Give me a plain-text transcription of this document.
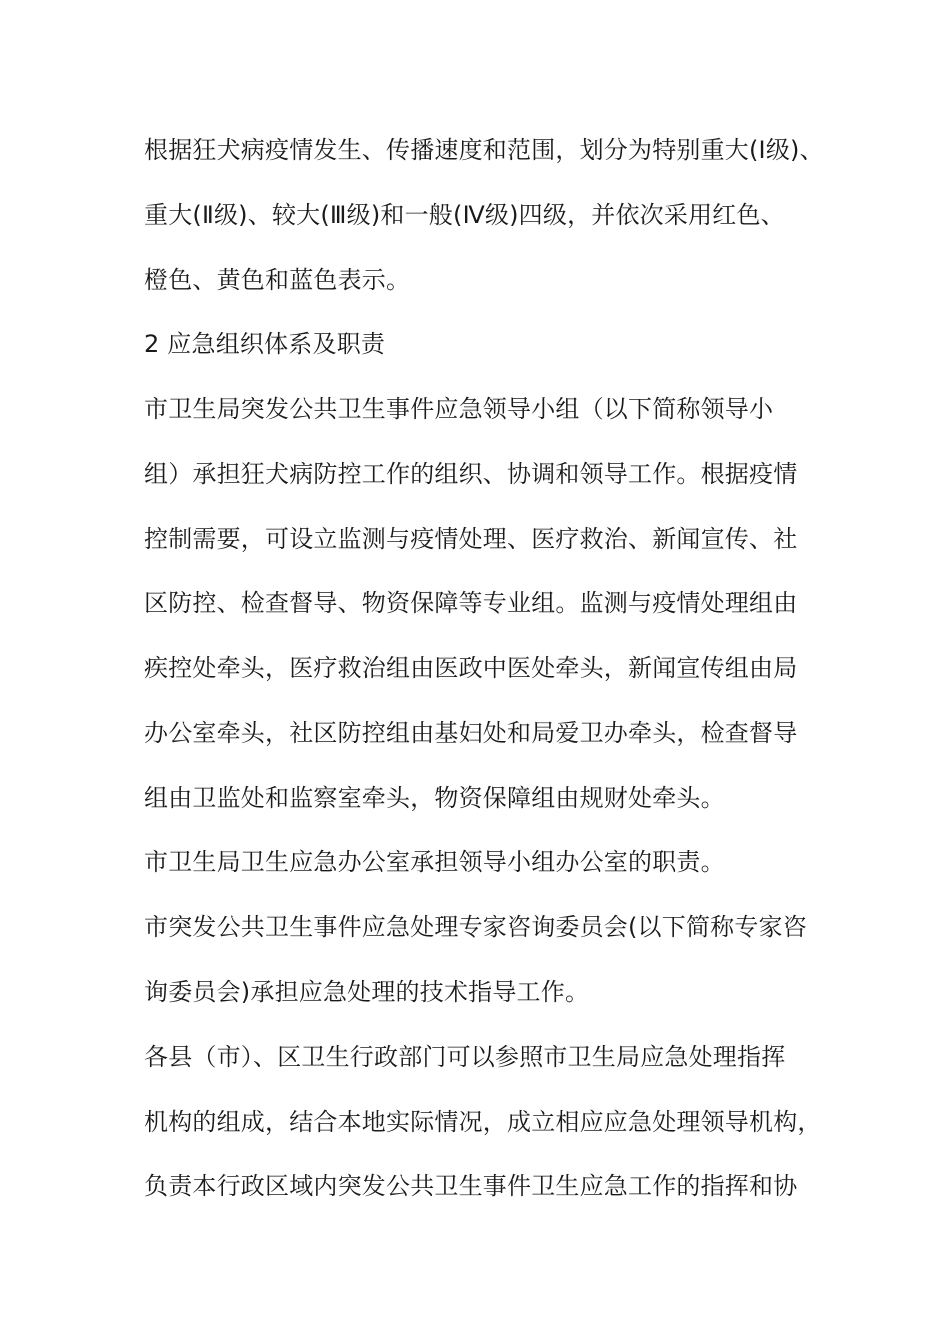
根据狂犬病疫情发生、传播速度和范围，划分为特别重大(Ⅰ级)、
重大(Ⅱ级)、较大(Ⅲ级)和一般(Ⅳ级)四级，并依次采用红色、
橙色、黄色和蓝色表示。
2 应急组织体系及职责
市卫生局突发公共卫生事件应急领导小组（以下简称领导小
组）承担狂犬病防控工作的组织、协调和领导工作。根据疫情
控制需要，可设立监测与疫情处理、医疗救治、新闻宣传、社
区防控、检查督导、物资保障等专业组。监测与疫情处理组由
疾控处牵头，医疗救治组由医政中医处牵头，新闻宣传组由局
办公室牵头，社区防控组由基妇处和局爱卫办牵头，检查督导
组由卫监处和监察室牵头，物资保障组由规财处牵头。
市卫生局卫生应急办公室承担领导小组办公室的职责。
市突发公共卫生事件应急处理专家咨询委员会(以下简称专家咨
询委员会)承担应急处理的技术指导工作。
各县（市）、区卫生行政部门可以参照市卫生局应急处理指挥
机构的组成，结合本地实际情况，成立相应应急处理领导机构，
负责本行政区域内突发公共卫生事件卫生应急工作的指挥和协
